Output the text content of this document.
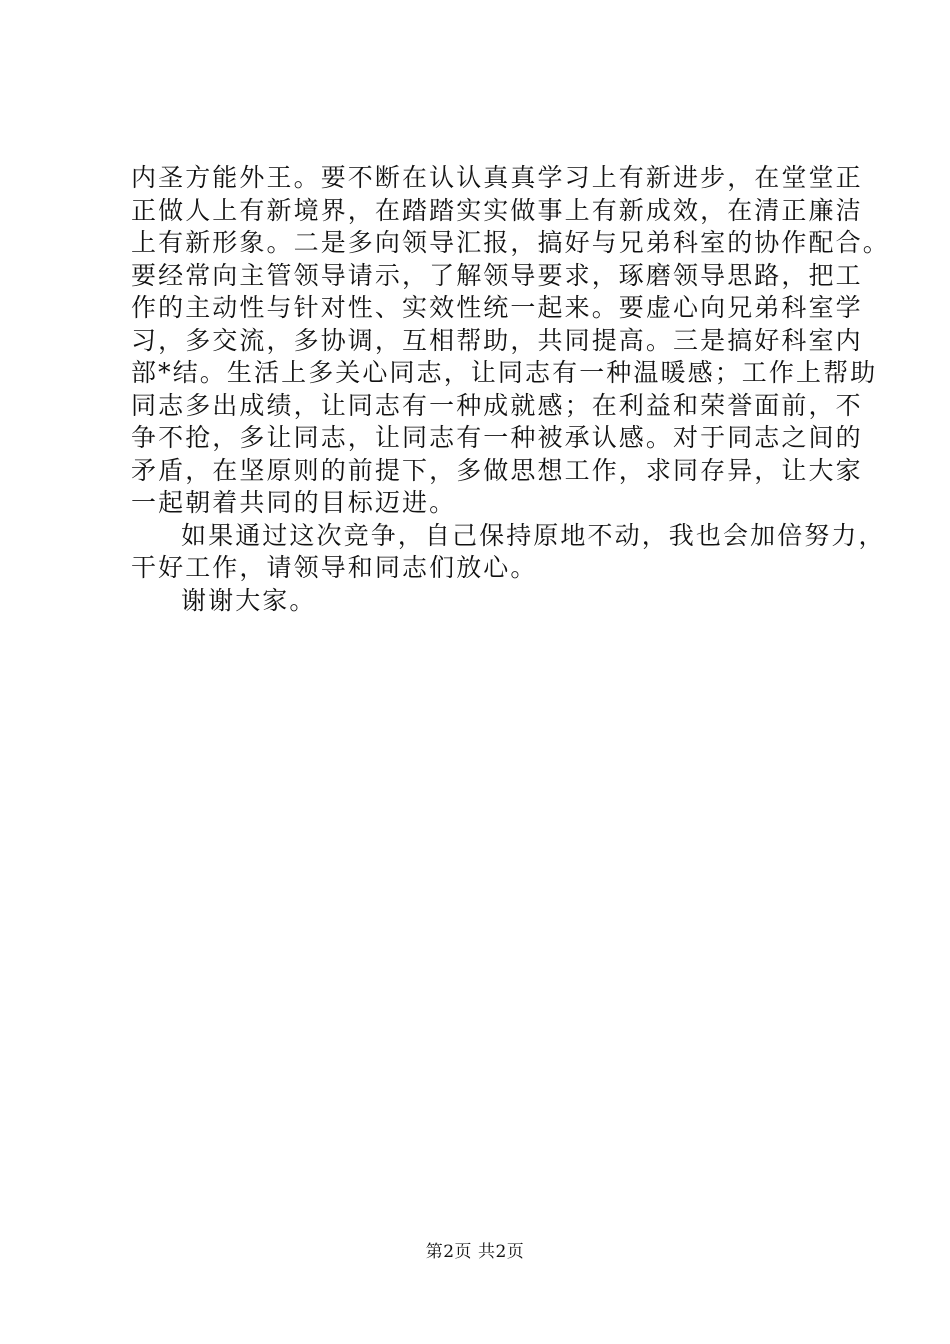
内圣方能外王。要不断在认认真真学习上有新进步，在堂堂正
正做人上有新境界，在踏踏实实做事上有新成效，在清正廉洁
上有新形象。二是多向领导汇报，搞好与兄弟科室的协作配合。
要经常向主管领导请示，了解领导要求，琢磨领导思路，把工
作的主动性与针对性、实效性统一起来。要虚心向兄弟科室学
习，多交流，多协调，互相帮助，共同提高。三是搞好科室内
部*结。生活上多关心同志，让同志有一种温暖感；工作上帮助
同志多出成绩，让同志有一种成就感；在利益和荣誉面前，不
争不抢，多让同志，让同志有一种被承认感。对于同志之间的
矛盾，在坚原则的前提下，多做思想工作，求同存异，让大家
一起朝着共同的目标迈进。
如果通过这次竞争，自己保持原地不动，我也会加倍努力，
干好工作，请领导和同志们放心。
谢谢大家。
第2页 共2页
